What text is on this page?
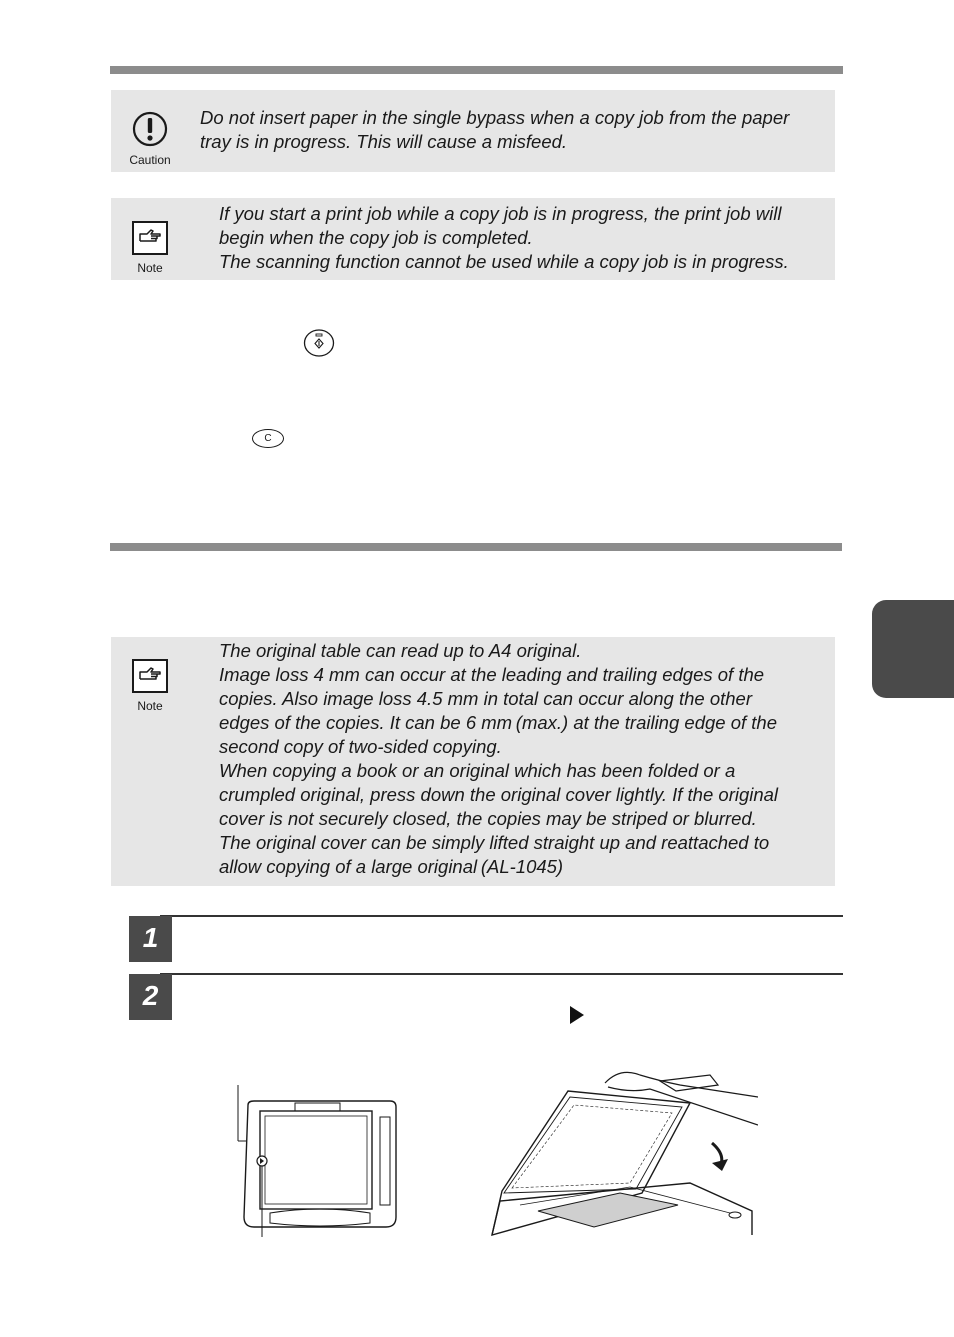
Caution
Do not insert paper in the single bypass when a copy job from the paper
tray is in progress. This will cause a misfeed.
Note
If you start a print job while a copy job is in progress, the print job will
begin when the copy job is completed.
The scanning function cannot be used while a copy job is in progress.
C
Note
The original table can read up to A4 original.
Image loss 4 mm can occur at the leading and trailing edges of the
copies. Also image loss 4.5 mm in total can occur along the other
edges of the copies. It can be 6 mm (max.) at the trailing edge of the
second copy of two-sided copying.
When copying a book or an original which has been folded or a
crumpled original, press down the original cover lightly. If the original
cover is not securely closed, the copies may be striped or blurred.
The original cover can be simply lifted straight up and reattached to
allow copying of a large original (AL-1045)
1
2
